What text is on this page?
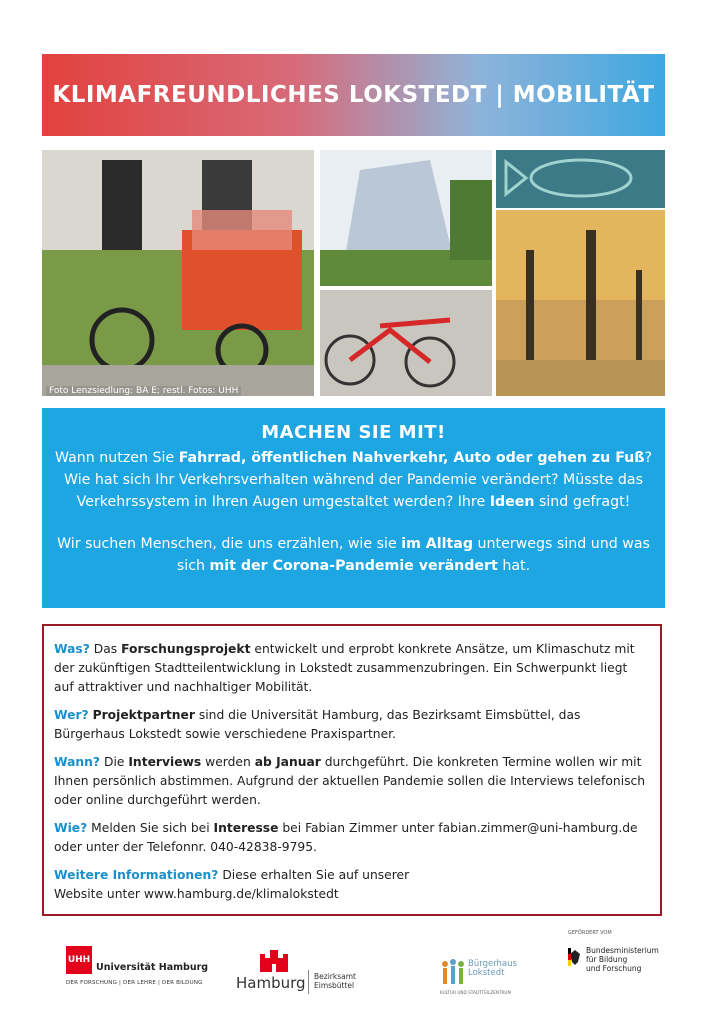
KLIMAFREUNDLICHES LOKSTEDT | MOBILITÄT
Foto Lenzsiedlung: BA E; restl. Fotos: UHH
MACHEN SIE MIT!

Wann nutzen Sie Fahrrad, öffentlichen Nahverkehr, Auto oder gehen zu Fuß? Wie hat sich Ihr Verkehrsverhalten während der Pandemie verändert? Müsste das Verkehrssystem in Ihren Augen umgestaltet werden? Ihre Ideen sind gefragt!

Wir suchen Menschen, die uns erzählen, wie sie im Alltag unterwegs sind und was sich mit der Corona-Pandemie verändert hat.

Was? Das Forschungsprojekt entwickelt und erprobt konkrete Ansätze, um Klimaschutz mit der zukünftigen Stadtteilentwicklung in Lokstedt zusammenzubringen. Ein Schwerpunkt liegt auf attraktiver und nachhaltiger Mobilität.

Wer? Projektpartner sind die Universität Hamburg, das Bezirksamt Eimsbüttel, das Bürgerhaus Lokstedt sowie verschiedene Praxispartner.

Wann? Die Interviews werden ab Januar durchgeführt. Die konkreten Termine wollen wir mit Ihnen persönlich abstimmen. Aufgrund der aktuellen Pandemie sollen die Interviews telefonisch oder online durchgeführt werden.

Wie? Melden Sie sich bei Interesse bei Fabian Zimmer unter fabian.zimmer@uni-hamburg.de oder unter der Telefonnr. 040-42838-9795.

Weitere Informationen? Diese erhalten Sie auf unserer
Website unter www.hamburg.de/klimalokstedt

UHH
Universität Hamburg
DER FORSCHUNG | DER LEHRE | DER BILDUNG Hamburg Bezirksamt
Eimsbüttel
Bürgerhaus
Lokstedt
KULTUR UND STADTTEILZENTRUM
GEFÖRDERT VOM
Bundesministerium
für Bildung
und Forschung
